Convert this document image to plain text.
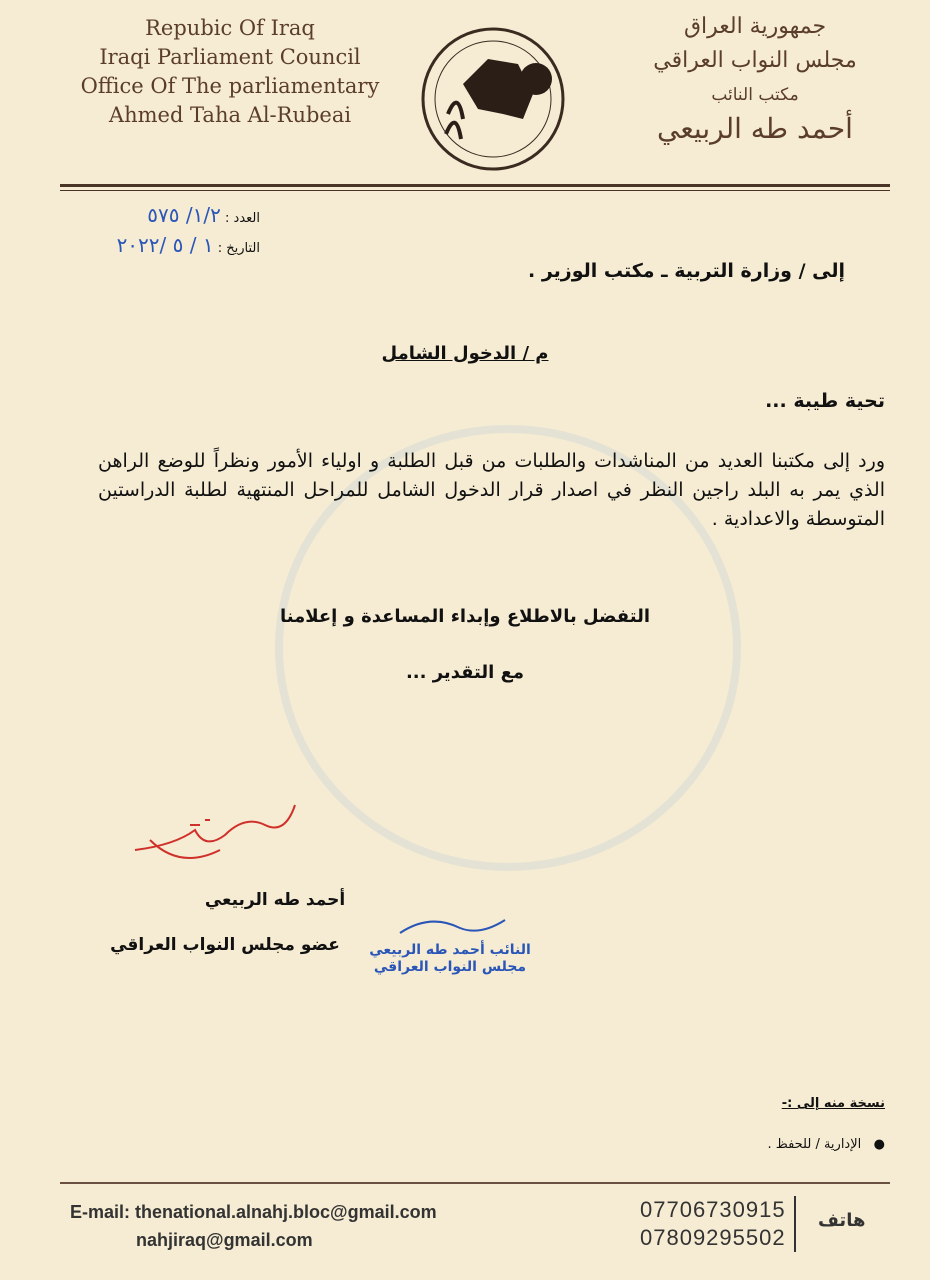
Repubic Of Iraq
Iraqi Parliament Council
Office Of The parliamentary
Ahmed Taha Al-Rubeai
جمهورية العراق
مجلس النواب العراقي
مكتب النائب
أحمد طه الربيعي
العدد : ١/٢/ ٥٧٥
التاريخ : ١ / ٥ /٢٠٢٢
إلى / وزارة التربية ـ مكتب الوزير .
م / الدخول الشامل
تحية طيبة ...
ورد إلى مكتبنا العديد من المناشدات والطلبات من قبل الطلبة و اولياء الأمور ونظراً للوضع الراهن الذي يمر به البلد راجين النظر في اصدار قرار الدخول الشامل للمراحل المنتهية لطلبة الدراستين المتوسطة والاعدادية .
التفضل بالاطلاع وإبداء المساعدة و إعلامنا
مع التقدير ...
أحمد طه الربيعي
عضو مجلس النواب العراقي	النائب أحمد طه الربيعي
مجلس النواب العراقي
نسخة منه إلى :-
●   الإدارية / للحفظ .
E-mail: thenational.alnahj.bloc@gmail.com
nahjiraq@gmail.com
07706730915
07809295502
هاتف
